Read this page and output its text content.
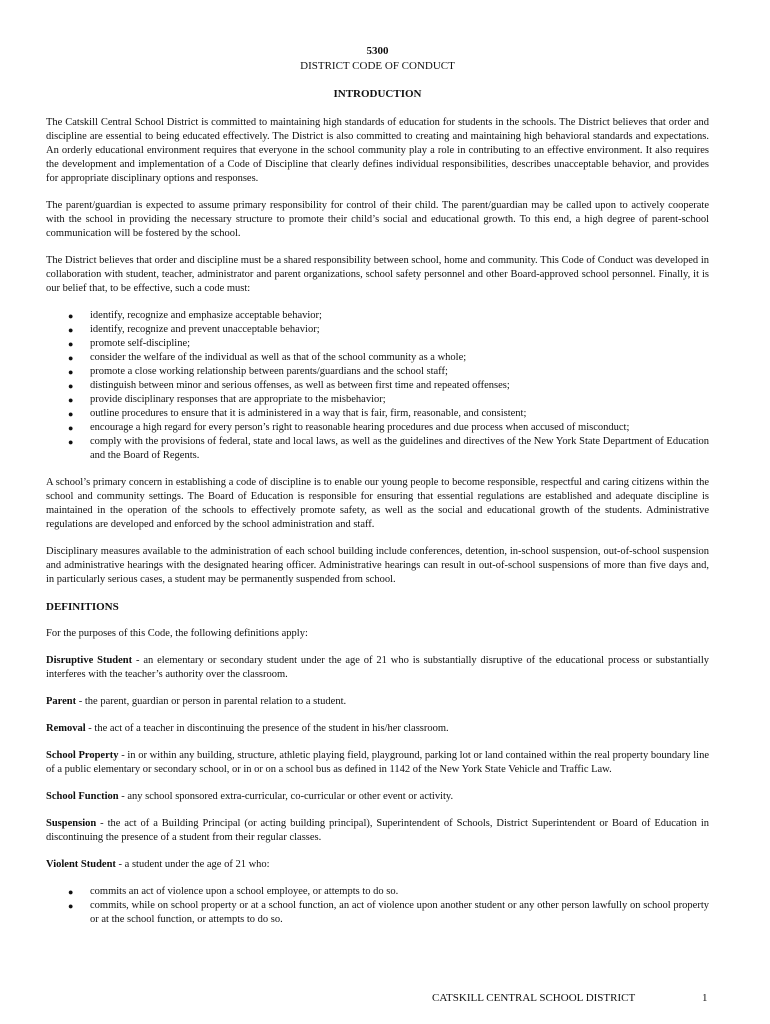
5300
DISTRICT CODE OF CONDUCT
INTRODUCTION

The Catskill Central School District is committed to maintaining high standards of education for students in the schools. The District believes that order and discipline are essential to being educated effectively. The District is also committed to creating and maintaining high behavioral standards and expectations. An orderly educational environment requires that everyone in the school community play a role in contributing to an effective environment. It also requires the development and implementation of a Code of Discipline that clearly defines individual responsibilities, describes unacceptable behavior, and provides for appropriate disciplinary options and responses.

The parent/guardian is expected to assume primary responsibility for control of their child. The parent/guardian may be called upon to actively cooperate with the school in providing the necessary structure to promote their child’s social and educational growth. To this end, a high degree of parent-school communication will be fostered by the school.

The District believes that order and discipline must be a shared responsibility between school, home and community. This Code of Conduct was developed in collaboration with student, teacher, administrator and parent organizations, school safety personnel and other Board-approved school personnel. Finally, it is our belief that, to be effective, such a code must:

● identify, recognize and emphasize acceptable behavior;
● identify, recognize and prevent unacceptable behavior;
● promote self-discipline;
● consider the welfare of the individual as well as that of the school community as a whole;
● promote a close working relationship between parents/guardians and the school staff;
● distinguish between minor and serious offenses, as well as between first time and repeated offenses;
● provide disciplinary responses that are appropriate to the misbehavior;
● outline procedures to ensure that it is administered in a way that is fair, firm, reasonable, and consistent;
● encourage a high regard for every person’s right to reasonable hearing procedures and due process when accused of misconduct;
● comply with the provisions of federal, state and local laws, as well as the guidelines and directives of the New York State Department of Education and the Board of Regents.

A school’s primary concern in establishing a code of discipline is to enable our young people to become responsible, respectful and caring citizens within the school and community settings. The Board of Education is responsible for ensuring that essential regulations are established and adequate discipline is maintained in the operation of the schools to effectively promote safety, as well as the social and educational growth of the students. Administrative regulations are developed and enforced by the school administration and staff.

Disciplinary measures available to the administration of each school building include conferences, detention, in-school suspension, out-of-school suspension and administrative hearings with the designated hearing officer. Administrative hearings can result in out-of-school suspensions of more than five days and, in particularly serious cases, a student may be permanently suspended from school.

DEFINITIONS

For the purposes of this Code, the following definitions apply:

Disruptive Student - an elementary or secondary student under the age of 21 who is substantially disruptive of the educational process or substantially interferes with the teacher’s authority over the classroom.

Parent - the parent, guardian or person in parental relation to a student.

Removal - the act of a teacher in discontinuing the presence of the student in his/her classroom.

School Property - in or within any building, structure, athletic playing field, playground, parking lot or land contained within the real property boundary line of a public elementary or secondary school, or in or on a school bus as defined in 1142 of the New York State Vehicle and Traffic Law.

School Function - any school sponsored extra-curricular, co-curricular or other event or activity.

Suspension - the act of a Building Principal (or acting building principal), Superintendent of Schools, District Superintendent or Board of Education in discontinuing the presence of a student from their regular classes.

Violent Student - a student under the age of 21 who:

● commits an act of violence upon a school employee, or attempts to do so.
● commits, while on school property or at a school function, an act of violence upon another student or any other person lawfully on school property or at the school function, or attempts to do so.
CATSKILL CENTRAL SCHOOL DISTRICT	1
